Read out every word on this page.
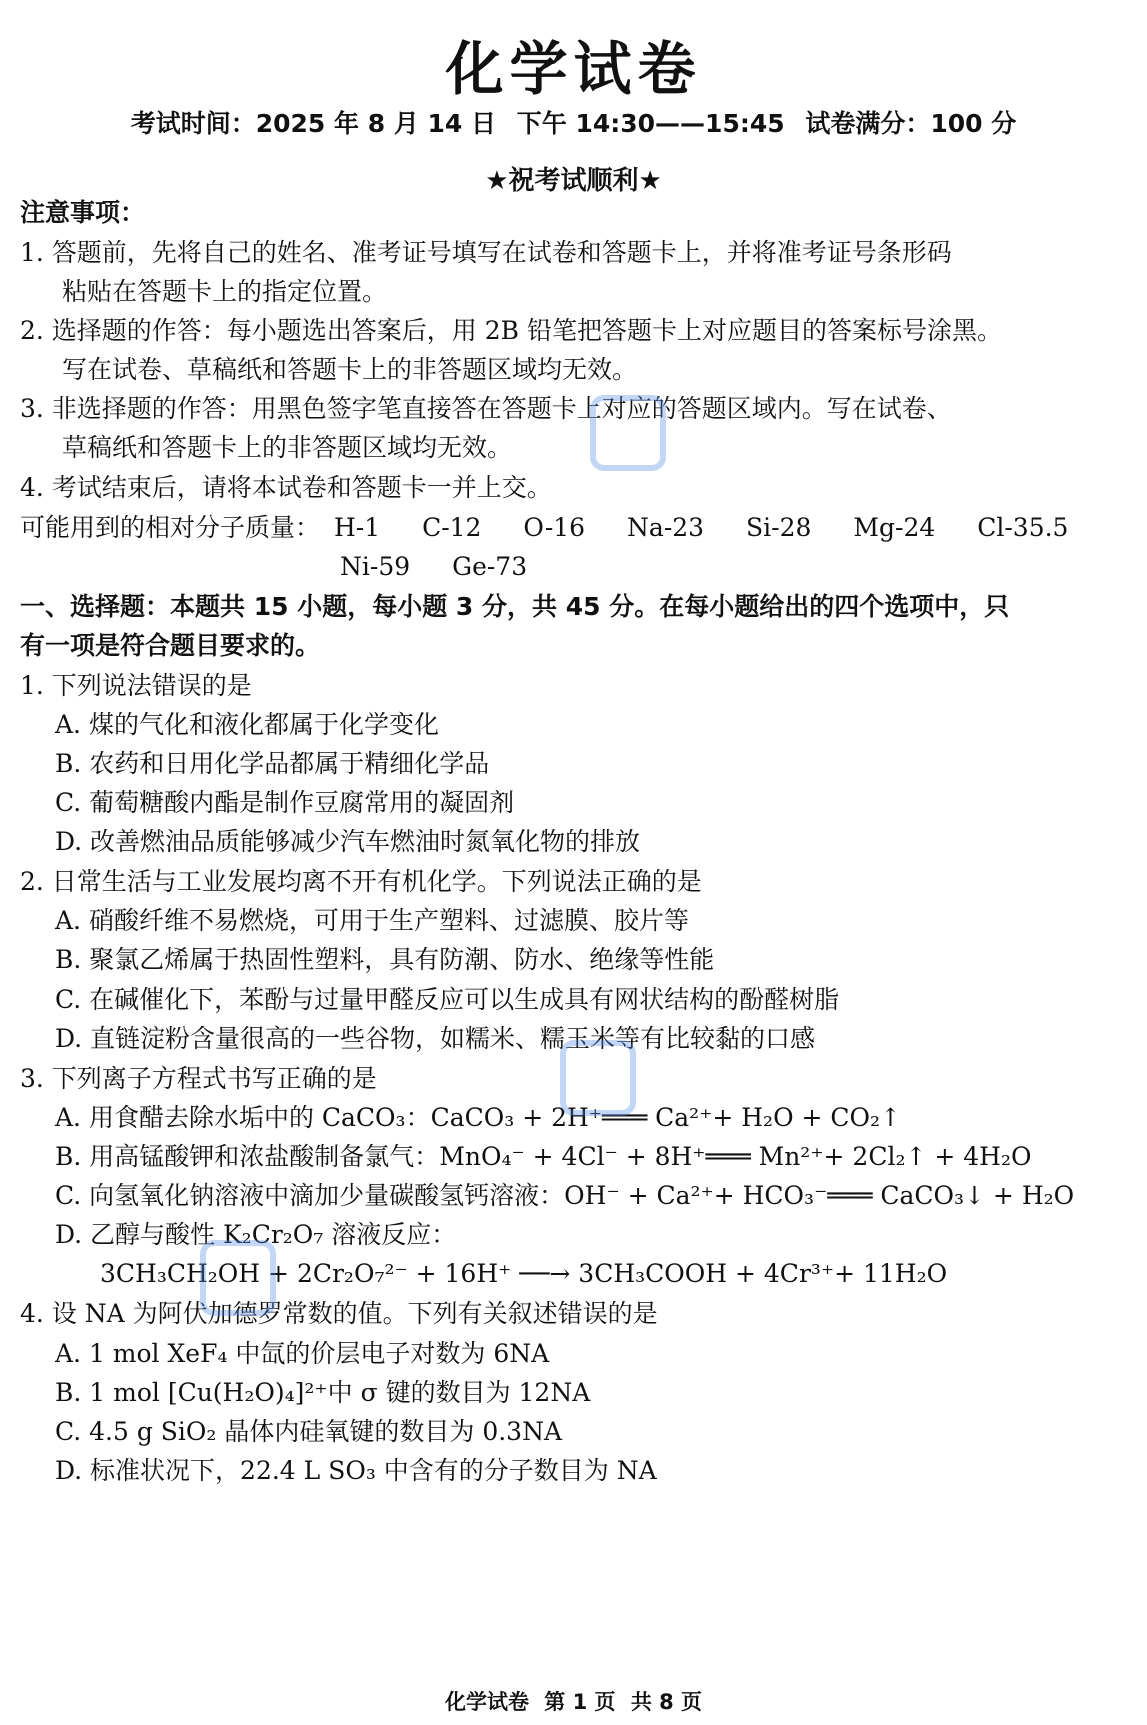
化学试卷
考试时间：2025 年 8 月 14 日 下午 14:30——15:45 试卷满分：100 分
★祝考试顺利★
注意事项：
1. 答题前，先将自己的姓名、准考证号填写在试卷和答题卡上，并将准考证号条形码
粘贴在答题卡上的指定位置。
2. 选择题的作答：每小题选出答案后，用 2B 铅笔把答题卡上对应题目的答案标号涂黑。
写在试卷、草稿纸和答题卡上的非答题区域均无效。
3. 非选择题的作答：用黑色签字笔直接答在答题卡上对应的答题区域内。写在试卷、
草稿纸和答题卡上的非答题区域均无效。
4. 考试结束后，请将本试卷和答题卡一并上交。
可能用到的相对分子质量： H-1 C-12 O-16 Na-23 Si-28 Mg-24 Cl-35.5
Ni-59 Ge-73
一、选择题：本题共 15 小题，每小题 3 分，共 45 分。在每小题给出的四个选项中，只
有一项是符合题目要求的。
1. 下列说法错误的是
A. 煤的气化和液化都属于化学变化
B. 农药和日用化学品都属于精细化学品
C. 葡萄糖酸内酯是制作豆腐常用的凝固剂
D. 改善燃油品质能够减少汽车燃油时氮氧化物的排放
2. 日常生活与工业发展均离不开有机化学。下列说法正确的是
A. 硝酸纤维不易燃烧，可用于生产塑料、过滤膜、胶片等
B. 聚氯乙烯属于热固性塑料，具有防潮、防水、绝缘等性能
C. 在碱催化下，苯酚与过量甲醛反应可以生成具有网状结构的酚醛树脂
D. 直链淀粉含量很高的一些谷物，如糯米、糯玉米等有比较黏的口感
3. 下列离子方程式书写正确的是
A. 用食醋去除水垢中的 CaCO₃：CaCO₃ + 2H⁺═══ Ca²⁺+ H₂O + CO₂↑
B. 用高锰酸钾和浓盐酸制备氯气：MnO₄⁻ + 4Cl⁻ + 8H⁺═══ Mn²⁺+ 2Cl₂↑ + 4H₂O
C. 向氢氧化钠溶液中滴加少量碳酸氢钙溶液：OH⁻ + Ca²⁺+ HCO₃⁻═══ CaCO₃↓ + H₂O
D. 乙醇与酸性 K₂Cr₂O₇ 溶液反应：
3CH₃CH₂OH + 2Cr₂O₇²⁻ + 16H⁺ ──→ 3CH₃COOH + 4Cr³⁺+ 11H₂O
4. 设 NA 为阿伏加德罗常数的值。下列有关叙述错误的是
A. 1 mol XeF₄ 中氙的价层电子对数为 6NA
B. 1 mol [Cu(H₂O)₄]²⁺中 σ 键的数目为 12NA
C. 4.5 g SiO₂ 晶体内硅氧键的数目为 0.3NA
D. 标准状况下，22.4 L SO₃ 中含有的分子数目为 NA
化学试卷 第 1 页 共 8 页
